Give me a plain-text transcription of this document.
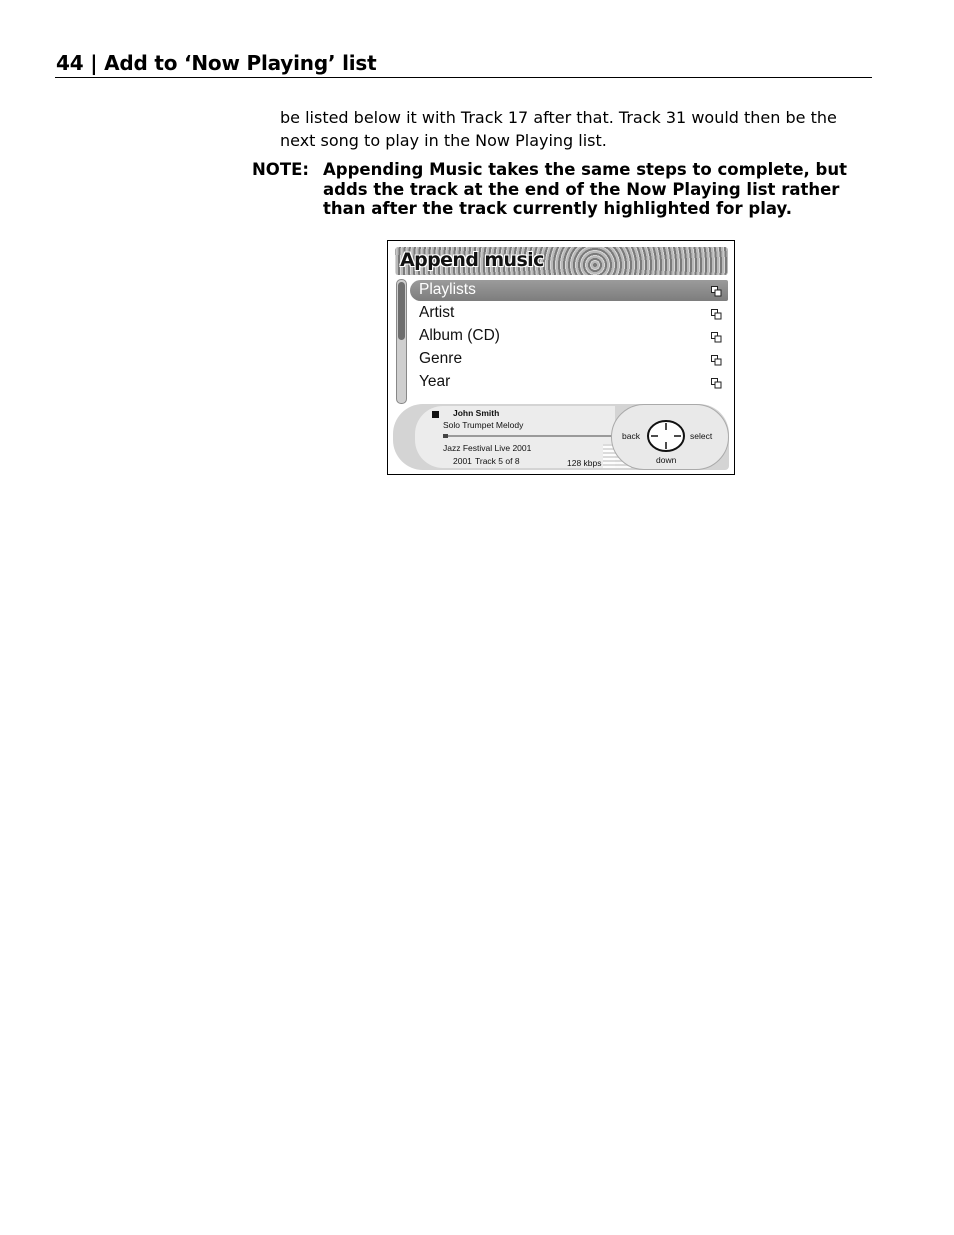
44 | Add to ‘Now Playing’ list
be listed below it with Track 17 after that. Track 31 would then be the next song to play in the Now Playing list.
NOTE: Appending Music takes the same steps to complete, but adds the track at the end of the Now Playing list rather than after the track currently highlighted for play.
Append music
Playlists
Artist
Album (CD)
Genre
Year
John Smith
Solo Trumpet Melody
Jazz Festival Live 2001
2001 Track 5 of 8	128 kbps
back	select
down
